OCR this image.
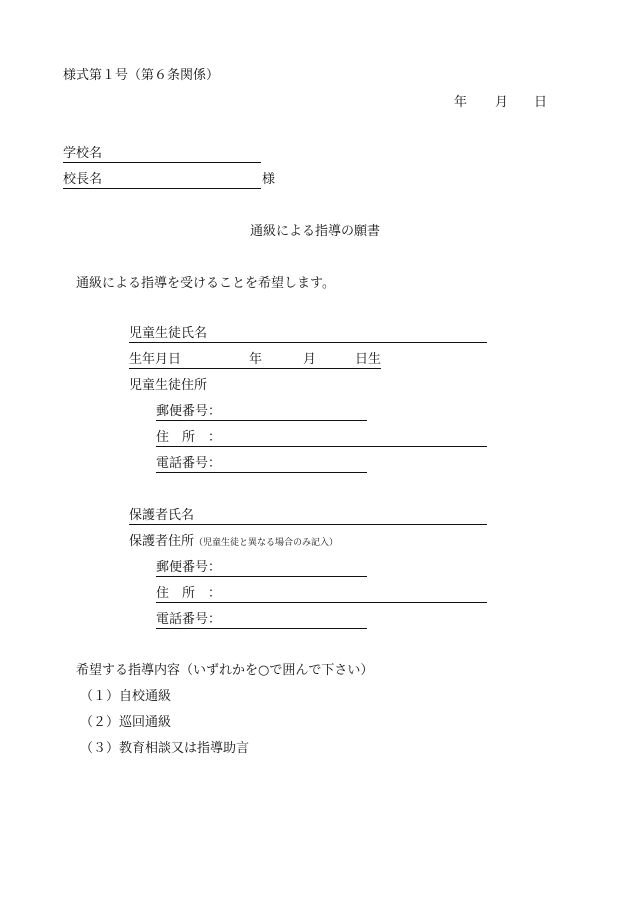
様式第１号（第６条関係）
年 月 日
学校名
校長名	様
通級による指導の願書
通級による指導を受けることを希望します。
児童生徒氏名
生年月日	年	月	日生
児童生徒住所
郵便番号：
住　所　：
電話番号：
保護者氏名
保護者住所（児童生徒と異なる場合のみ記入）
郵便番号：
住　所　：
電話番号：
希望する指導内容（いずれかを○で囲んで下さい）
（１）自校通級
（２）巡回通級
（３）教育相談又は指導助言
